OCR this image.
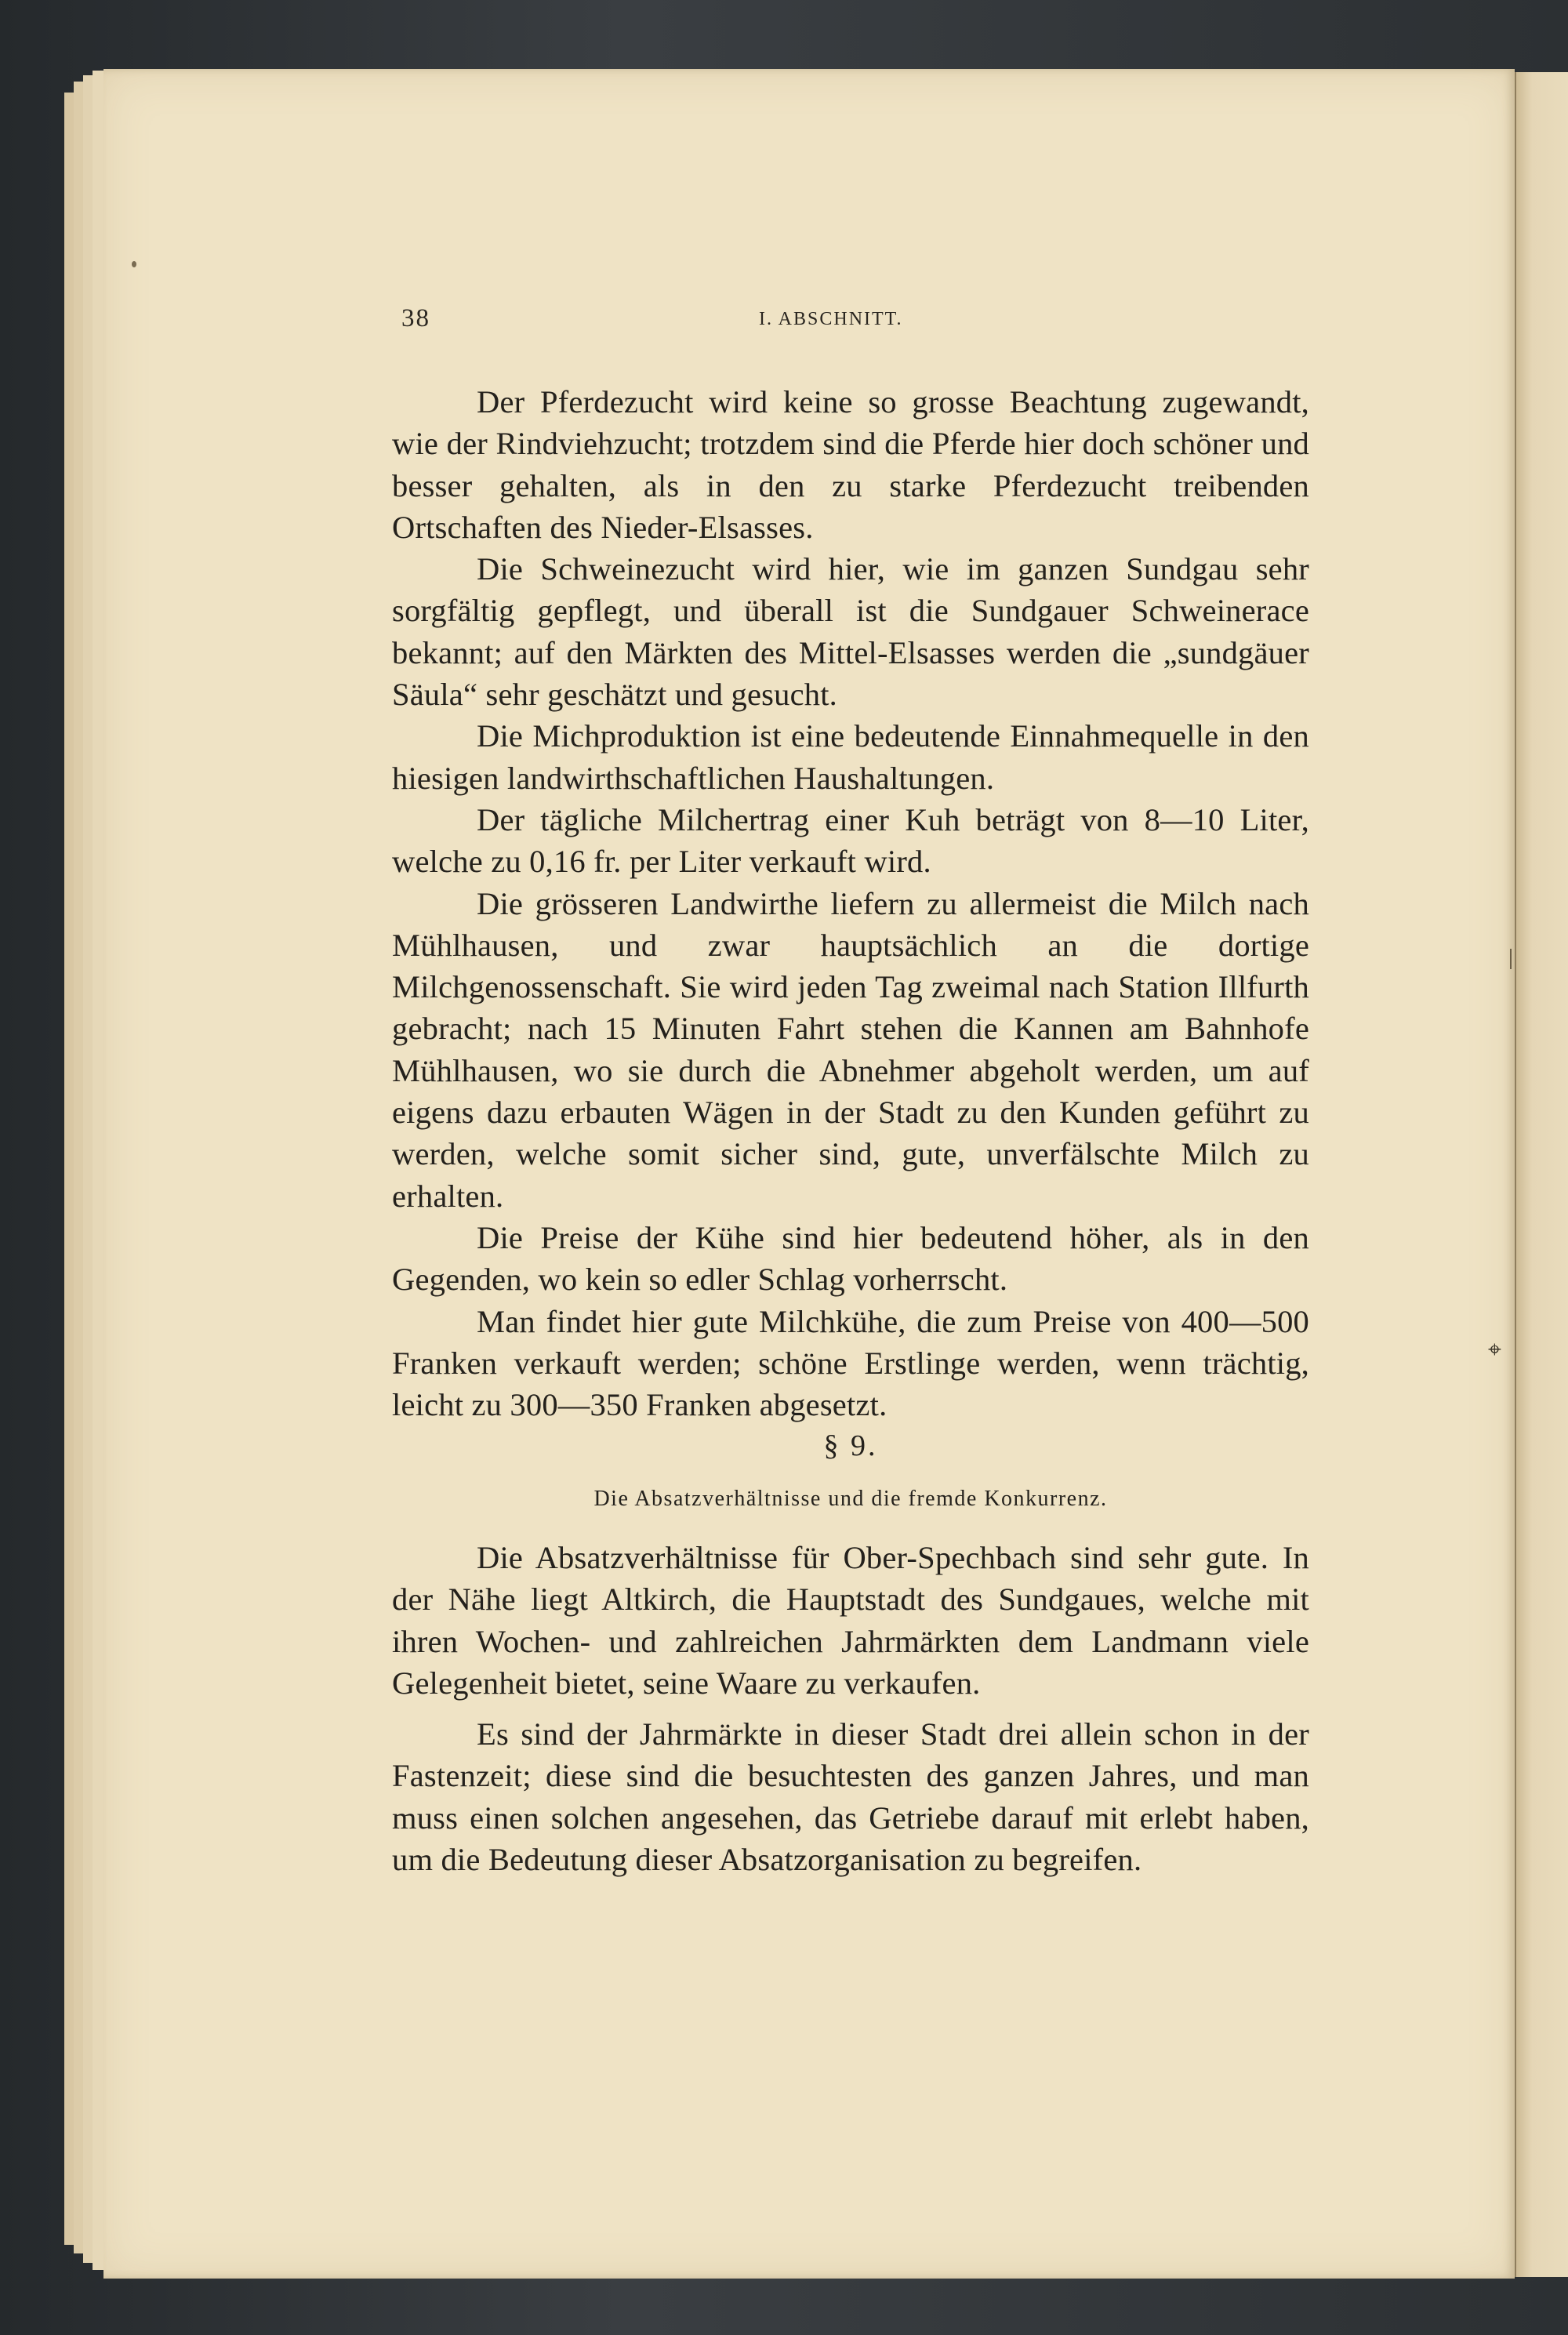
38	I. ABSCHNITT.

Der Pferdezucht wird keine so grosse Beachtung zugewandt, wie der Rindviehzucht; trotzdem sind die Pferde hier doch schöner und besser gehalten, als in den zu starke Pferdezucht treibenden Ortschaften des Nieder-Elsasses.

Die Schweinezucht wird hier, wie im ganzen Sundgau sehr sorgfältig gepflegt, und überall ist die Sundgauer Schweinerace bekannt; auf den Märkten des Mittel-Elsasses werden die „sundgäuer Säula“ sehr geschätzt und gesucht.

Die Michproduktion ist eine bedeutende Einnahmequelle in den hiesigen landwirthschaftlichen Haushaltungen.

Der tägliche Milchertrag einer Kuh beträgt von 8—10 Liter, welche zu 0,16 fr. per Liter verkauft wird.

Die grösseren Landwirthe liefern zu allermeist die Milch nach Mühlhausen, und zwar hauptsächlich an die dortige Milchgenossenschaft. Sie wird jeden Tag zweimal nach Station Illfurth gebracht; nach 15 Minuten Fahrt stehen die Kannen am Bahnhofe Mühlhausen, wo sie durch die Abnehmer abgeholt werden, um auf eigens dazu erbauten Wägen in der Stadt zu den Kunden geführt zu werden, welche somit sicher sind, gute, unverfälschte Milch zu erhalten.

Die Preise der Kühe sind hier bedeutend höher, als in den Gegenden, wo kein so edler Schlag vorherrscht.

Man findet hier gute Milchkühe, die zum Preise von 400—500 Franken verkauft werden; schöne Erstlinge werden, wenn trächtig, leicht zu 300—350 Franken abgesetzt.

§ 9.
Die Absatzverhältnisse und die fremde Konkurrenz.

Die Absatzverhältnisse für Ober-Spechbach sind sehr gute. In der Nähe liegt Altkirch, die Hauptstadt des Sundgaues, welche mit ihren Wochen- und zahlreichen Jahrmärkten dem Landmann viele Gelegenheit bietet, seine Waare zu verkaufen.

Es sind der Jahrmärkte in dieser Stadt drei allein schon in der Fastenzeit; diese sind die besuchtesten des ganzen Jahres, und man muss einen solchen angesehen, das Getriebe darauf mit erlebt haben, um die Bedeutung dieser Absatzorganisation zu begreifen.

⌖
